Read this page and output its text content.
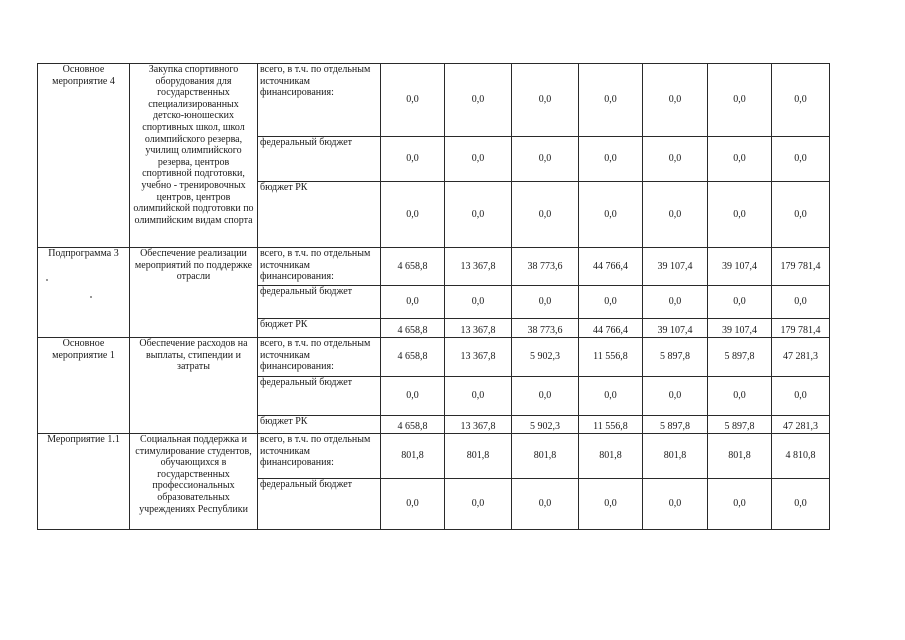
Основное мероприятие 4	Закупка спортивного оборудования для государственных специализированных детско-юношеских спортивных школ, школ олимпийского резерва, училищ олимпийского резерва, центров спортивной подготовки, учебно - тренировочных центров, центров олимпийской подготовки по олимпийским видам спорта	всего, в т.ч. по отдельным источникам финансирования:	0,0	0,0	0,0	0,0	0,0	0,0	0,0
		федеральный бюджет	0,0	0,0	0,0	0,0	0,0	0,0	0,0
		бюджет РК	0,0	0,0	0,0	0,0	0,0	0,0	0,0
Подпрограмма 3	Обеспечение реализации мероприятий по поддержке отрасли	всего, в т.ч. по отдельным источникам финансирования:	4 658,8	13 367,8	38 773,6	44 766,4	39 107,4	39 107,4	179 781,4
		федеральный бюджет	0,0	0,0	0,0	0,0	0,0	0,0	0,0
		бюджет РК	4 658,8	13 367,8	38 773,6	44 766,4	39 107,4	39 107,4	179 781,4
Основное мероприятие 1	Обеспечение расходов на выплаты, стипендии и затраты	всего, в т.ч. по отдельным источникам финансирования:	4 658,8	13 367,8	5 902,3	11 556,8	5 897,8	5 897,8	47 281,3
		федеральный бюджет	0,0	0,0	0,0	0,0	0,0	0,0	0,0
		бюджет РК	4 658,8	13 367,8	5 902,3	11 556,8	5 897,8	5 897,8	47 281,3
Мероприятие 1.1	Социальная поддержка и стимулирование студентов, обучающихся в государственных профессиональных образовательных учреждениях Республики	всего, в т.ч. по отдельным источникам финансирования:	801,8	801,8	801,8	801,8	801,8	801,8	4 810,8
		федеральный бюджет	0,0	0,0	0,0	0,0	0,0	0,0	0,0
